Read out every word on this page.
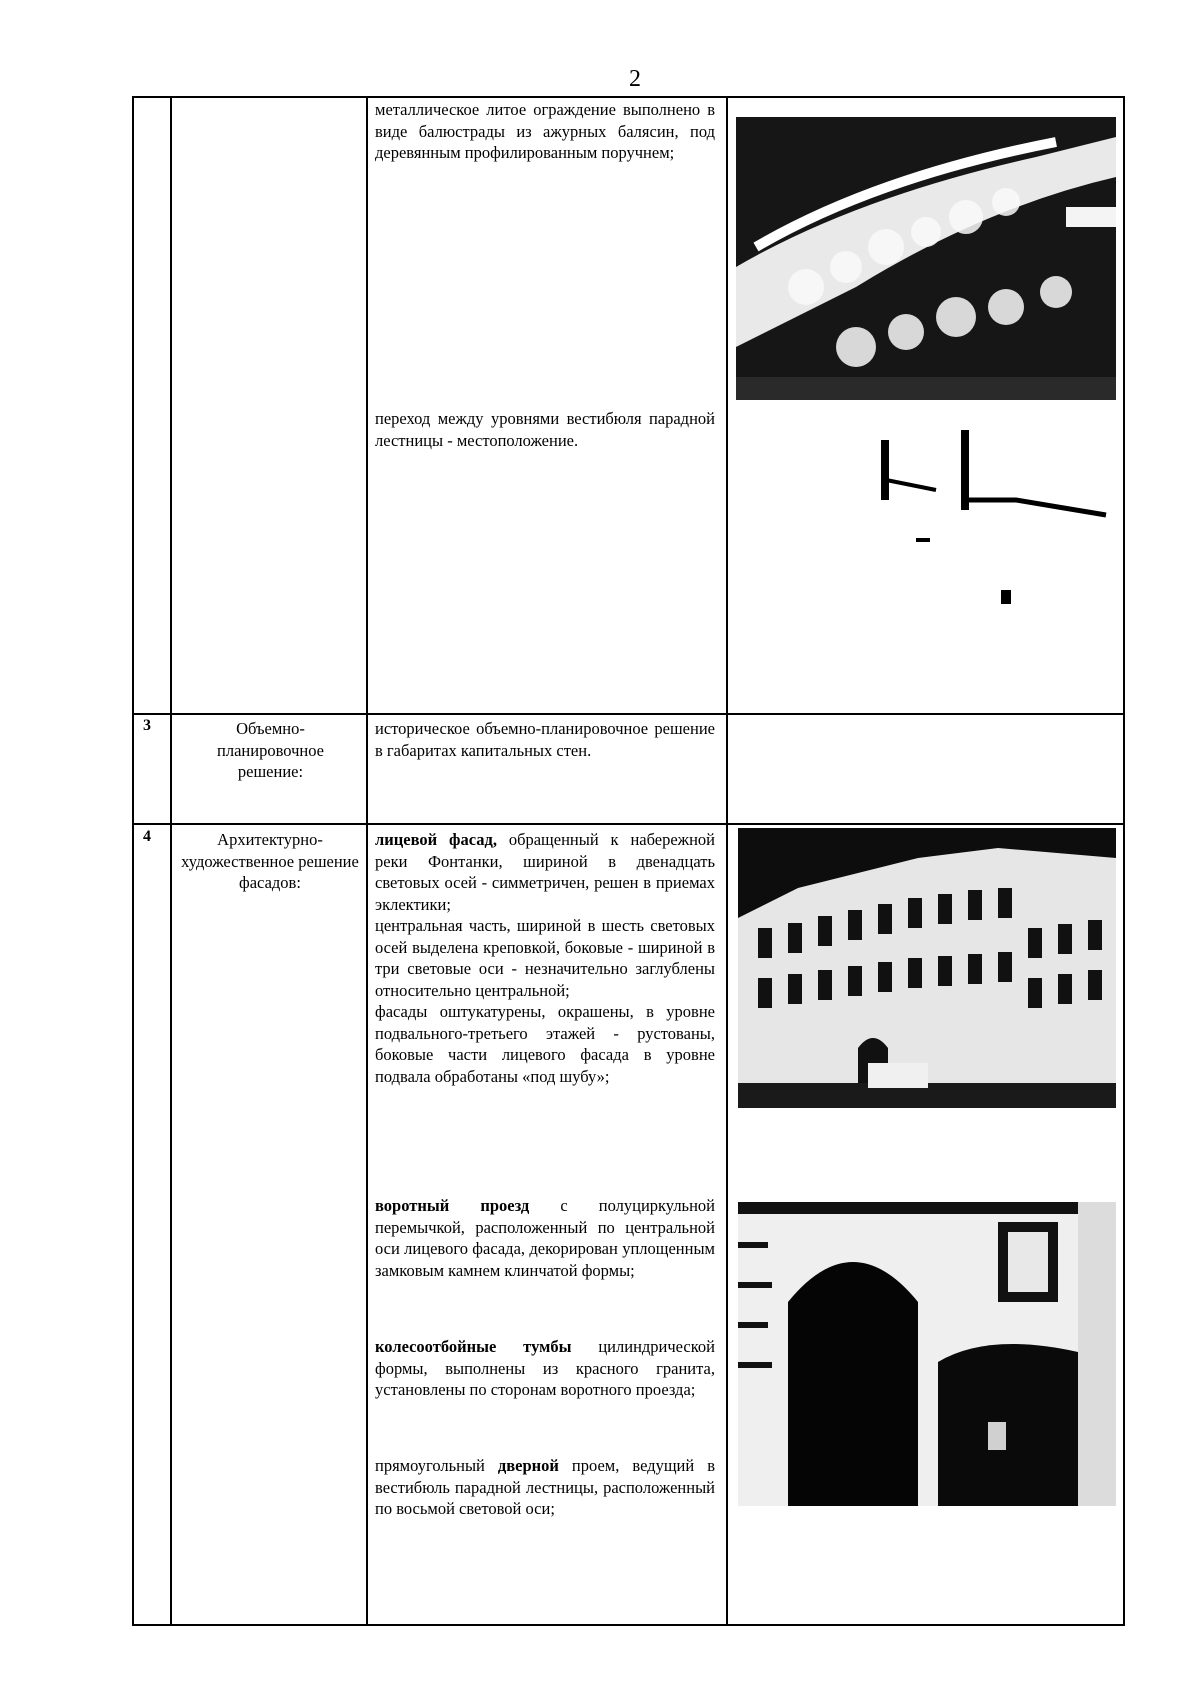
2
металлическое литое ограждение выполнено в виде балюстрады из ажурных балясин, под деревянным профилированным поручнем;
переход между уровнями вестибюля парадной лестницы - местоположение.
3	Объемно-планировочное решение:
историческое объемно-планировочное решение в габаритах капитальных стен.
4	Архитектурно-художественное решение фасадов:

лицевой фасад, обращенный к набережной реки Фонтанки, шириной в двенадцать световых осей - симметричен, решен в приемах эклектики;

центральная часть, шириной в шесть световых осей выделена креповкой, боковые - шириной в три световые оси - незначительно заглублены относительно центральной;

фасады оштукатурены, окрашены, в уровне подвального-третьего этажей - рустованы, боковые части лицевого фасада в уровне подвала обработаны «под шубу»;

воротный проезд с полуциркульной перемычкой, расположенный по центральной оси лицевого фасада, декорирован уплощенным замковым камнем клинчатой формы;

колесоотбойные тумбы цилиндрической формы, выполнены из красного гранита, установлены по сторонам воротного проезда;

прямоугольный дверной проем, ведущий в вестибюль парадной лестницы, расположенный по восьмой световой оси;
